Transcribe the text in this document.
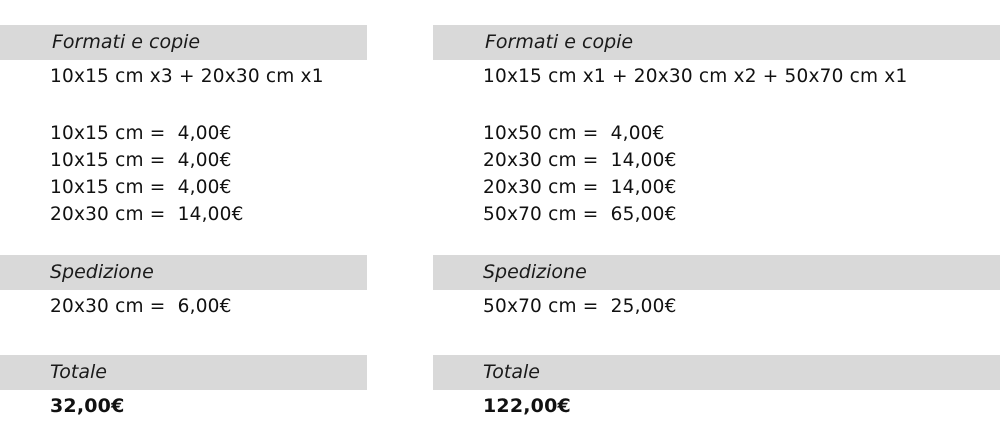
Formati e copie
10x15 cm x3 + 20x30 cm x1
10x15 cm =  4,00€
10x15 cm =  4,00€
10x15 cm =  4,00€
20x30 cm =  14,00€
Spedizione
20x30 cm =  6,00€
Totale
32,00€
Formati e copie
10x15 cm x1 + 20x30 cm x2 + 50x70 cm x1
10x50 cm =  4,00€
20x30 cm =  14,00€
20x30 cm =  14,00€
50x70 cm =  65,00€
Spedizione
50x70 cm =  25,00€
Totale
122,00€
